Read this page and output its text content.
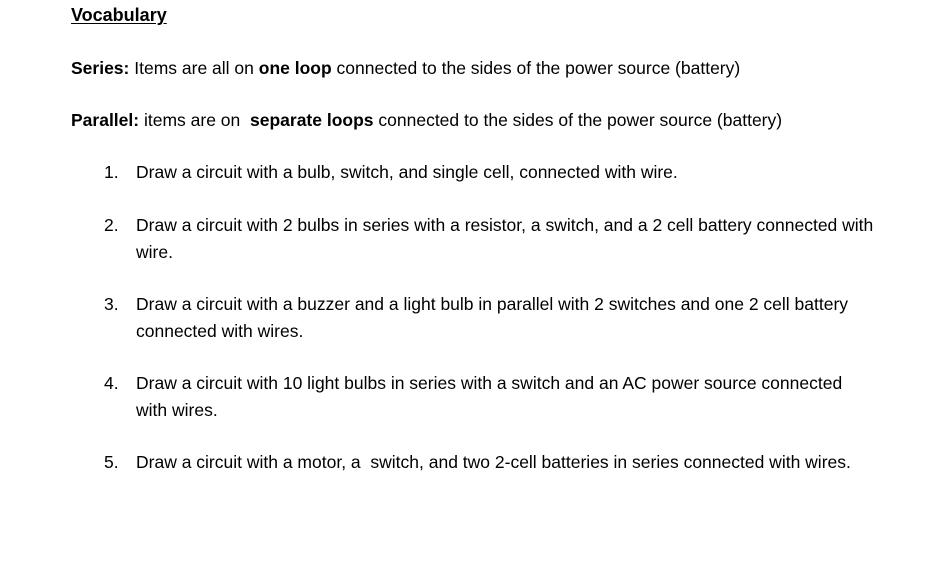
Vocabulary
Series: Items are all on one loop connected to the sides of the power source (battery)
Parallel: items are on  separate loops connected to the sides of the power source (battery)
1. Draw a circuit with a bulb, switch, and single cell, connected with wire.
2. Draw a circuit with 2 bulbs in series with a resistor, a switch, and a 2 cell battery connected with wire.
3. Draw a circuit with a buzzer and a light bulb in parallel with 2 switches and one 2 cell battery connected with wires.
4. Draw a circuit with 10 light bulbs in series with a switch and an AC power source connected with wires.
5. Draw a circuit with a motor, a  switch, and two 2-cell batteries in series connected with wires.
